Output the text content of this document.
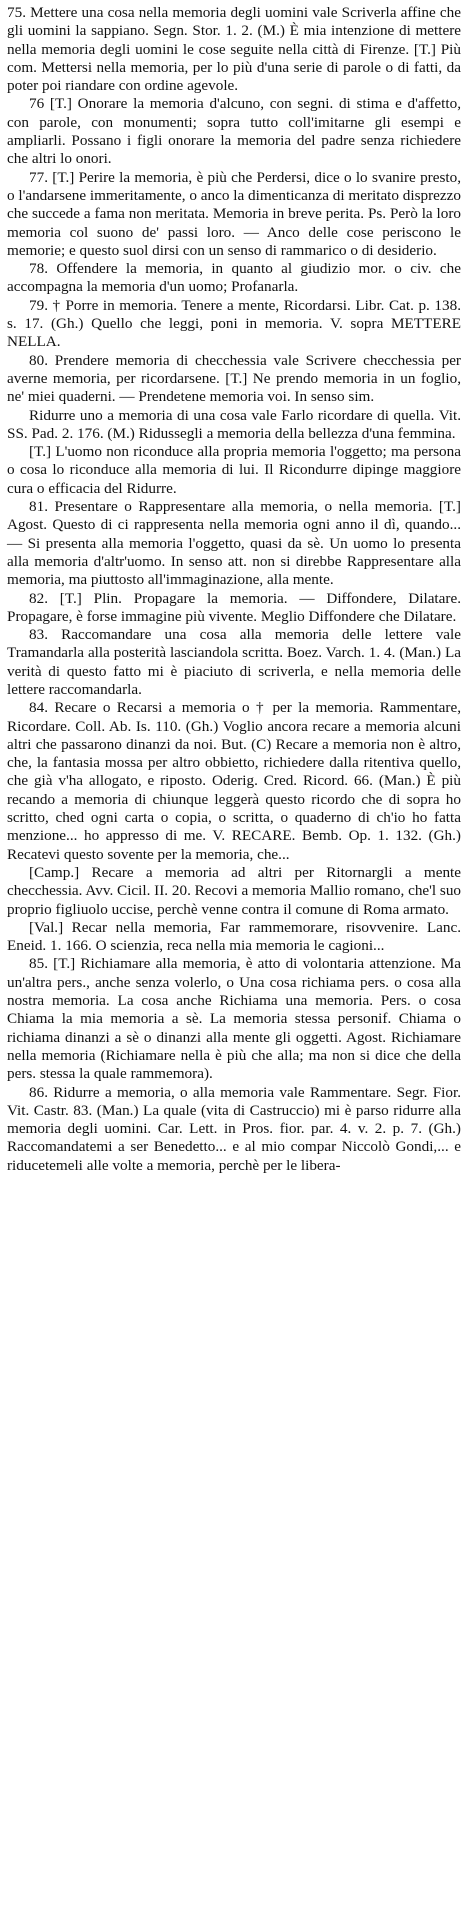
75. Mettere una cosa nella memoria degli uomini vale Scriverla affine che gli uomini la sappiano. Segn. Stor. 1. 2. (M.) È mia intenzione di mettere nella memoria degli uomini le cose seguite nella città di Firenze. [T.] Più com. Mettersi nella memoria, per lo più d'una serie di parole o di fatti, da poter poi riandare con ordine agevole.

76 [T.] Onorare la memoria d'alcuno, con segni. di stima e d'affetto, con parole, con monumenti; sopra tutto coll'imitarne gli esempi e ampliarli. Possano i figli onorare la memoria del padre senza richiedere che altri lo onori.

77. [T.] Perire la memoria, è più che Perdersi, dice o lo svanire presto, o l'andarsene immeritamente, o anco la dimenticanza di meritato disprezzo che succede a fama non meritata. Memoria in breve perita. Ps. Però la loro memoria col suono de' passi loro. — Anco delle cose periscono le memorie; e questo suol dirsi con un senso di rammarico o di desiderio.

78. Offendere la memoria, in quanto al giudizio mor. o civ. che accompagna la memoria d'un uomo; Profanarla.

79. † Porre in memoria. Tenere a mente, Ricordarsi. Libr. Cat. p. 138. s. 17. (Gh.) Quello che leggi, poni in memoria. V. sopra METTERE NELLA.

80. Prendere memoria di checchessia vale Scrivere checchessia per averne memoria, per ricordarsene. [T.] Ne prendo memoria in un foglio, ne' miei quaderni. — Prendetene memoria voi. In senso sim.

Ridurre uno a memoria di una cosa vale Farlo ricordare di quella. Vit. SS. Pad. 2. 176. (M.) Ridussegli a memoria della bellezza d'una femmina.

[T.] L'uomo non riconduce alla propria memoria l'oggetto; ma persona o cosa lo riconduce alla memoria di lui. Il Ricondurre dipinge maggiore cura o efficacia del Ridurre.

81. Presentare o Rappresentare alla memoria, o nella memoria. [T.] Agost. Questo di ci rappresenta nella memoria ogni anno il dì, quando... — Si presenta alla memoria l'oggetto, quasi da sè. Un uomo lo presenta alla memoria d'altr'uomo. In senso att. non si direbbe Rappresentare alla memoria, ma piuttosto all'immaginazione, alla mente.

82. [T.] Plin. Propagare la memoria. — Diffondere, Dilatare. Propagare, è forse immagine più vivente. Meglio Diffondere che Dilatare.

83. Raccomandare una cosa alla memoria delle lettere vale Tramandarla alla posterità lasciandola scritta. Boez. Varch. 1. 4. (Man.) La verità di questo fatto mi è piaciuto di scriverla, e nella memoria delle lettere raccomandarla.

84. Recare o Recarsi a memoria o † per la memoria. Rammentare, Ricordare. Coll. Ab. Is. 110. (Gh.) Voglio ancora recare a memoria alcuni altri che passarono dinanzi da noi. But. (C) Recare a memoria non è altro, che, la fantasia mossa per altro obbietto, richiedere dalla ritentiva quello, che già v'ha allogato, e riposto. Oderig. Cred. Ricord. 66. (Man.) È più recando a memoria di chiunque leggerà questo ricordo che di sopra ho scritto, ched ogni carta o copia, o scritta, o quaderno di ch'io ho fatta menzione... ho appresso di me. V. RECARE. Bemb. Op. 1. 132. (Gh.) Recatevi questo sovente per la memoria, che...

[Camp.] Recare a memoria ad altri per Ritornargli a mente checchessia. Avv. Cicil. II. 20. Recovi a memoria Mallio romano, che'l suo proprio figliuolo uccise, perchè venne contra il comune di Roma armato.

[Val.] Recar nella memoria, Far rammemorare, risovvenire. Lanc. Eneid. 1. 166. O scienzia, reca nella mia memoria le cagioni...

85. [T.] Richiamare alla memoria, è atto di volontaria attenzione. Ma un'altra pers., anche senza volerlo, o Una cosa richiama pers. o cosa alla nostra memoria. La cosa anche Richiama una memoria. Pers. o cosa Chiama la mia memoria a sè. La memoria stessa personif. Chiama o richiama dinanzi a sè o dinanzi alla mente gli oggetti. Agost. Richiamare nella memoria (Richiamare nella è più che alla; ma non si dice che della pers. stessa la quale rammemora).

86. Ridurre a memoria, o alla memoria vale Rammentare. Segr. Fior. Vit. Castr. 83. (Man.) La quale (vita di Castruccio) mi è parso ridurre alla memoria degli uomini. Car. Lett. in Pros. fior. par. 4. v. 2. p. 7. (Gh.) Raccomandatemi a ser Benedetto... e al mio compar Niccolò Gondi,... e riducetemeli alle volte a memoria, perchè per le libera-
